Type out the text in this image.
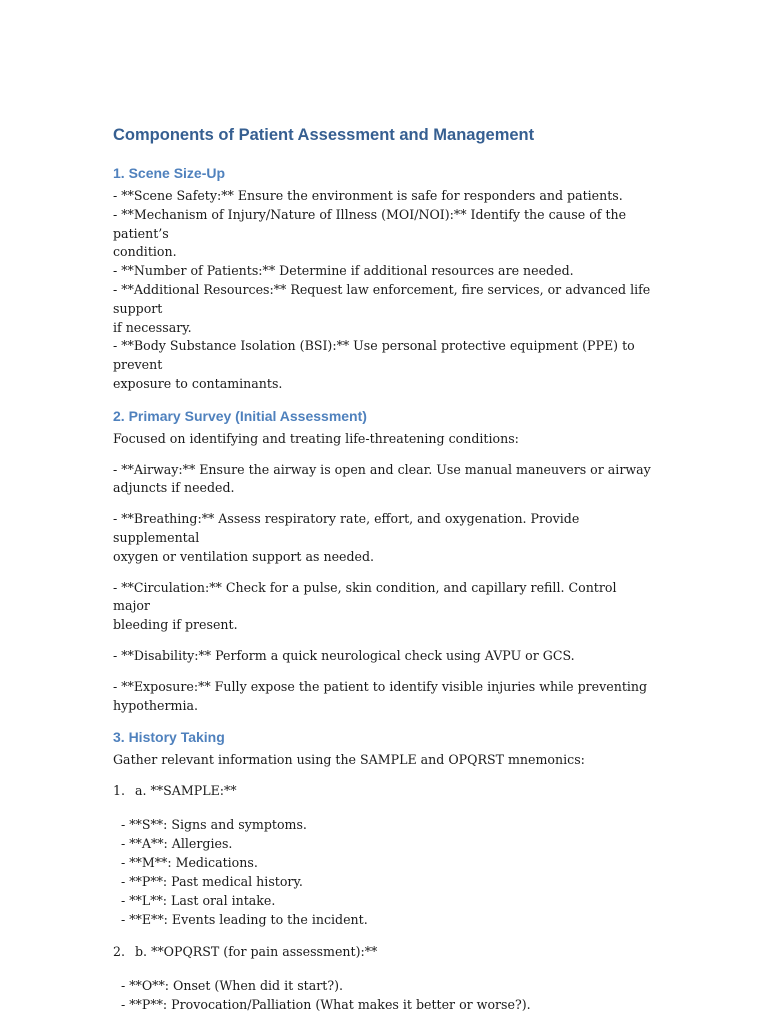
Components of Patient Assessment and Management
1. Scene Size-Up

- **Scene Safety:** Ensure the environment is safe for responders and patients.

- **Mechanism of Injury/Nature of Illness (MOI/NOI):** Identify the cause of the patient’s
condition.

- **Number of Patients:** Determine if additional resources are needed.

- **Additional Resources:** Request law enforcement, fire services, or advanced life support
if necessary.

- **Body Substance Isolation (BSI):** Use personal protective equipment (PPE) to prevent
exposure to contaminants.

2. Primary Survey (Initial Assessment)

Focused on identifying and treating life-threatening conditions:

- **Airway:** Ensure the airway is open and clear. Use manual maneuvers or airway
adjuncts if needed.

- **Breathing:** Assess respiratory rate, effort, and oxygenation. Provide supplemental
oxygen or ventilation support as needed.

- **Circulation:** Check for a pulse, skin condition, and capillary refill. Control major
bleeding if present.

- **Disability:** Perform a quick neurological check using AVPU or GCS.

- **Exposure:** Fully expose the patient to identify visible injuries while preventing
hypothermia.

3. History Taking

Gather relevant information using the SAMPLE and OPQRST mnemonics:

1. a. **SAMPLE:**

- **S**: Signs and symptoms.

- **A**: Allergies.

- **M**: Medications.

- **P**: Past medical history.

- **L**: Last oral intake.

- **E**: Events leading to the incident.

2. b. **OPQRST (for pain assessment):**

- **O**: Onset (When did it start?).

- **P**: Provocation/Palliation (What makes it better or worse?).
